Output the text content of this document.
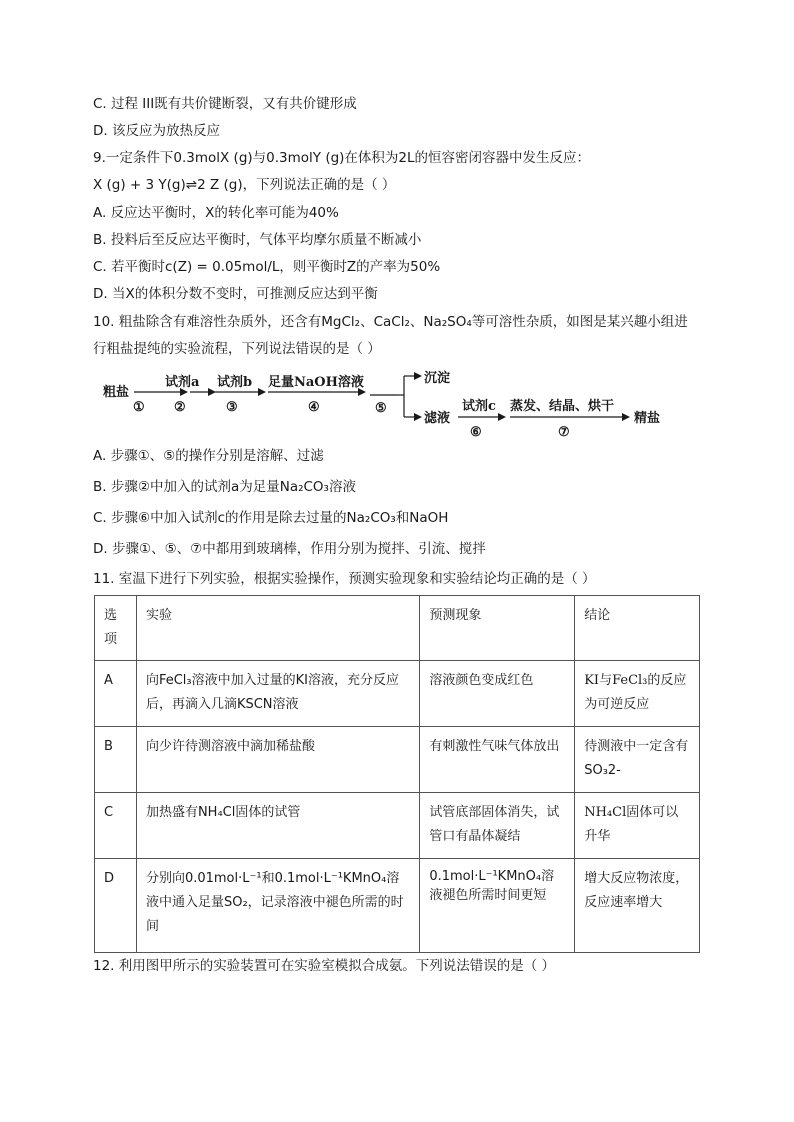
C. 过程 III既有共价键断裂，又有共价键形成
D. 该反应为放热反应
9.一定条件下0.3molX (g)与0.3molY (g)在体积为2L的恒容密闭容器中发生反应：
X (g) + 3 Y(g)⇌2 Z (g)，下列说法正确的是（ ）
A. 反应达平衡时，X的转化率可能为40%
B. 投料后至反应达平衡时，气体平均摩尔质量不断减小
C. 若平衡时c(Z) = 0.05mol/L，则平衡时Z的产率为50%
D. 当X的体积分数不变时，可推测反应达到平衡
10. 粗盐除含有难溶性杂质外，还含有MgCl₂、CaCl₂、Na₂SO₄等可溶性杂质，如图是某兴趣小组进
行粗盐提纯的实验流程，下列说法错误的是（ ）
粗盐
①
试剂a
②
试剂b
③
足量NaOH溶液
④	⑤
沉淀
滤液
试剂c
⑥
蒸发、结晶、烘干
⑦
精盐
A. 步骤①、⑤的操作分别是溶解、过滤
B. 步骤②中加入的试剂a为足量Na₂CO₃溶液
C. 步骤⑥中加入试剂c的作用是除去过量的Na₂CO₃和NaOH
D. 步骤①、⑤、⑦中都用到玻璃棒，作用分别为搅拌、引流、搅拌
11. 室温下进行下列实验，根据实验操作，预测实验现象和实验结论均正确的是（ ）
选项	实验	预测现象	结论
A	向FeCl₃溶液中加入过量的KI溶液，充分反应后，再滴入几滴KSCN溶液	溶液颜色变成红色	KI与FeCl₃的反应为可逆反应
B	向少许待测溶液中滴加稀盐酸	有刺激性气味气体放出	待测液中一定含有SO₃2-
C	加热盛有NH₄Cl固体的试管	试管底部固体消失，试管口有晶体凝结	NH₄Cl固体可以升华
D	分别向0.01mol·L⁻¹和0.1mol·L⁻¹KMnO₄溶液中通入足量SO₂，记录溶液中褪色所需的时间	0.1mol·L⁻¹KMnO₄溶液褪色所需时间更短	增大反应物浓度，反应速率增大
12. 利用图甲所示的实验装置可在实验室模拟合成氨。下列说法错误的是（ ）
